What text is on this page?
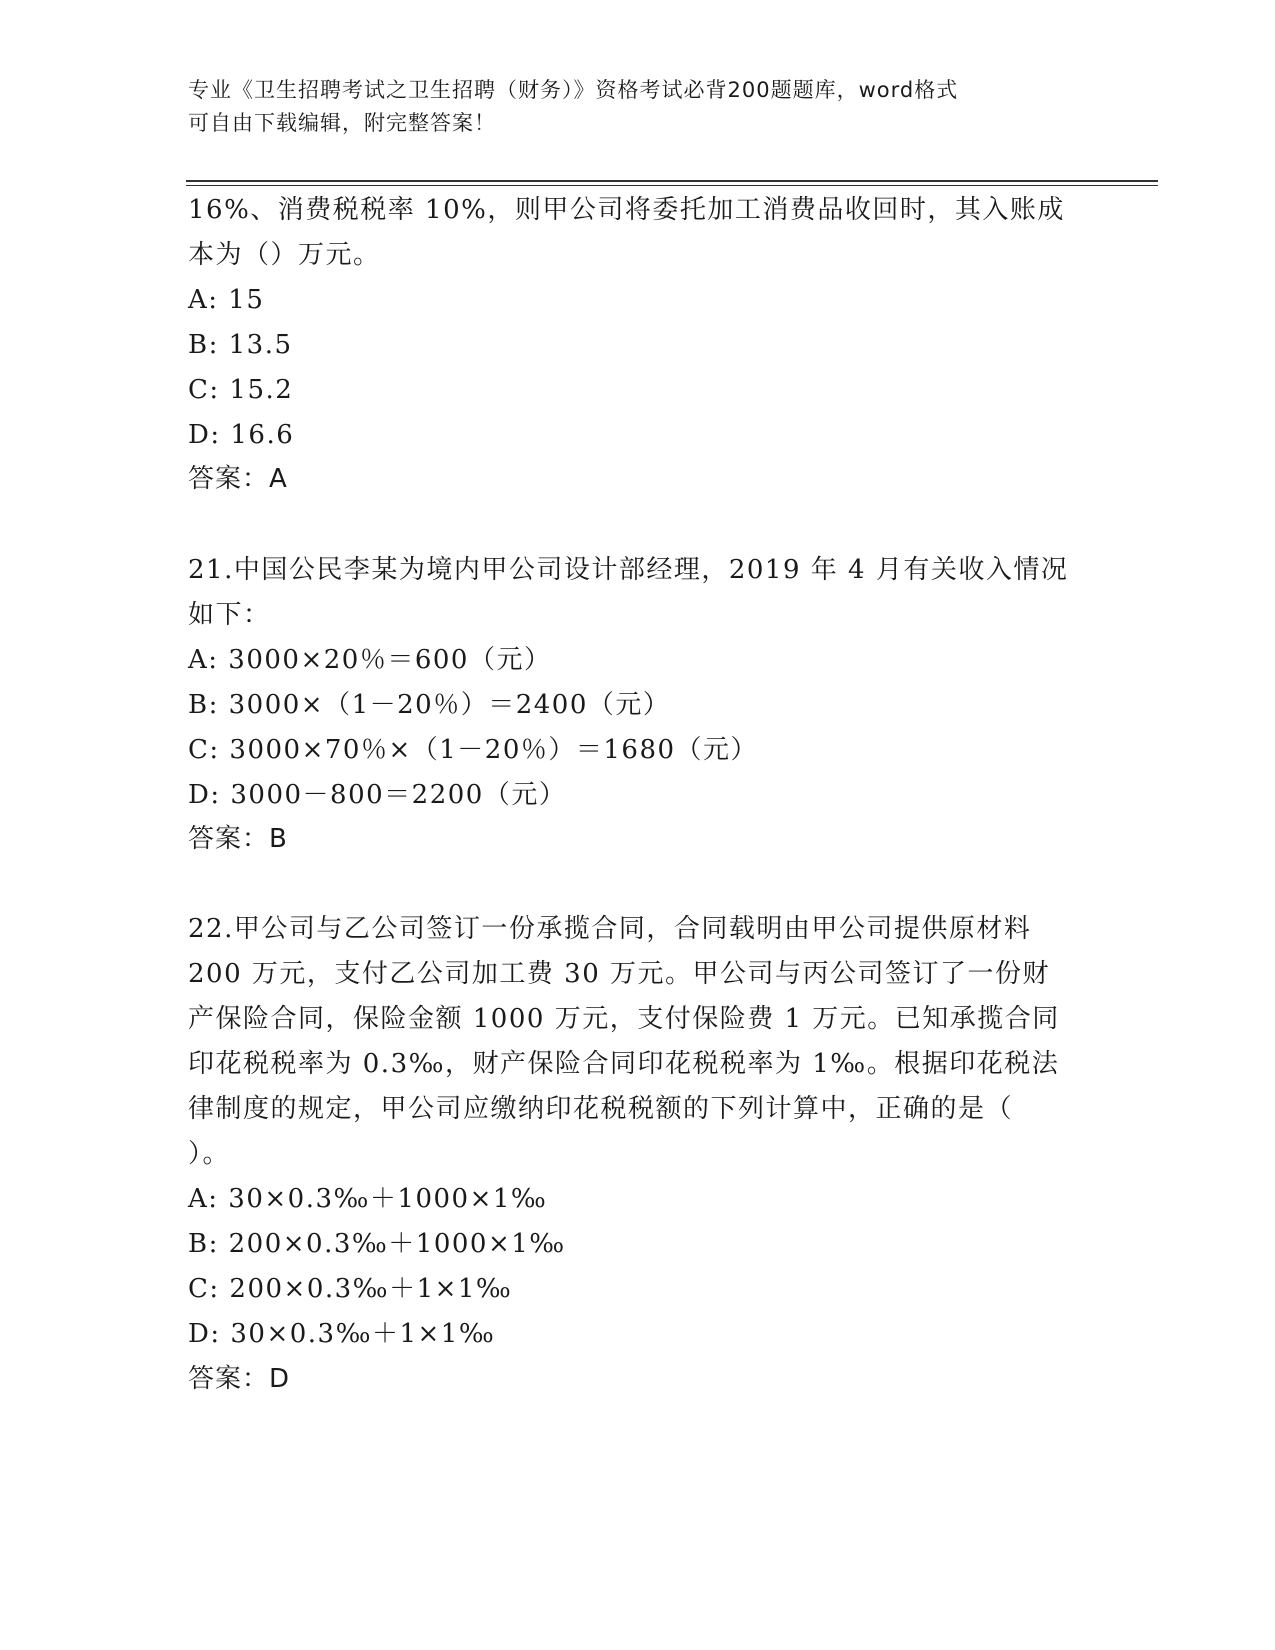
专业《卫生招聘考试之卫生招聘（财务）》资格考试必背200题题库，word格式
可自由下载编辑，附完整答案！
16%、消费税税率 10%，则甲公司将委托加工消费品收回时，其入账成
本为（）万元。
A: 15
B: 13.5
C: 15.2
D: 16.6
答案：A
21.中国公民李某为境内甲公司设计部经理，2019 年 4 月有关收入情况
如下：
A: 3000×20％＝600（元）
B: 3000×（1－20％）＝2400（元）
C: 3000×70％×（1－20％）＝1680（元）
D: 3000－800＝2200（元）
答案：B
22.甲公司与乙公司签订一份承揽合同，合同载明由甲公司提供原材料
200 万元，支付乙公司加工费 30 万元。甲公司与丙公司签订了一份财
产保险合同，保险金额 1000 万元，支付保险费 1 万元。已知承揽合同
印花税税率为 0.3‰，财产保险合同印花税税率为 1‰。根据印花税法
律制度的规定，甲公司应缴纳印花税税额的下列计算中，正确的是（
）。
A: 30×0.3‰＋1000×1‰
B: 200×0.3‰＋1000×1‰
C: 200×0.3‰＋1×1‰
D: 30×0.3‰＋1×1‰
答案：D
